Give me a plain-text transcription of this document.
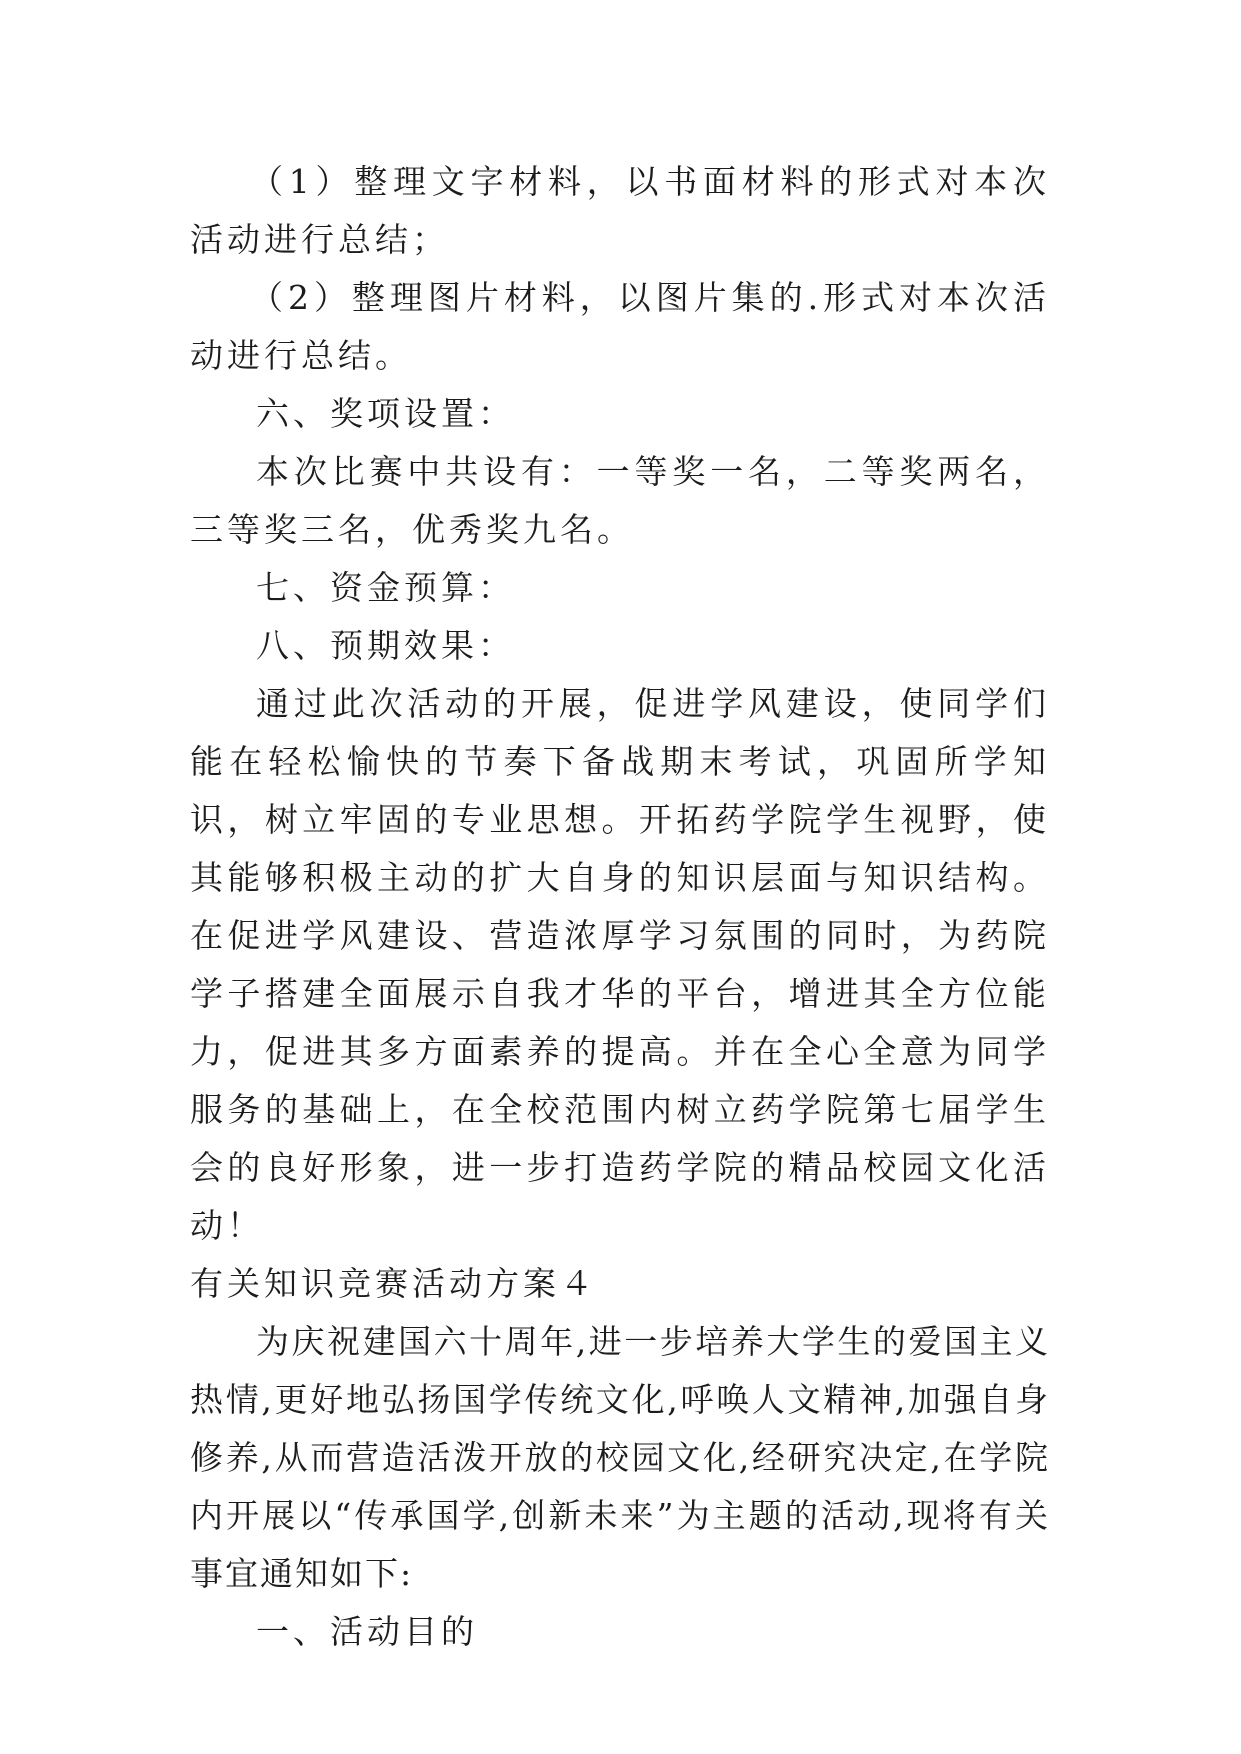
（1）整理文字材料，以书面材料的形式对本次活动进行总结；

（2）整理图片材料，以图片集的.形式对本次活动进行总结。

六、奖项设置：

本次比赛中共设有：一等奖一名，二等奖两名，三等奖三名，优秀奖九名。

七、资金预算：

八、预期效果：

通过此次活动的开展，促进学风建设，使同学们能在轻松愉快的节奏下备战期末考试，巩固所学知识，树立牢固的专业思想。开拓药学院学生视野，使其能够积极主动的扩大自身的知识层面与知识结构。在促进学风建设、营造浓厚学习氛围的同时，为药院学子搭建全面展示自我才华的平台，增进其全方位能力，促进其多方面素养的提高。并在全心全意为同学服务的基础上，在全校范围内树立药学院第七届学生会的良好形象，进一步打造药学院的精品校园文化活动！

有关知识竞赛活动方案４

为庆祝建国六十周年,进一步培养大学生的爱国主义热情,更好地弘扬国学传统文化,呼唤人文精神,加强自身修养,从而营造活泼开放的校园文化,经研究决定,在学院内开展以“传承国学,创新未来”为主题的活动,现将有关事宜通知如下:

一、活动目的
